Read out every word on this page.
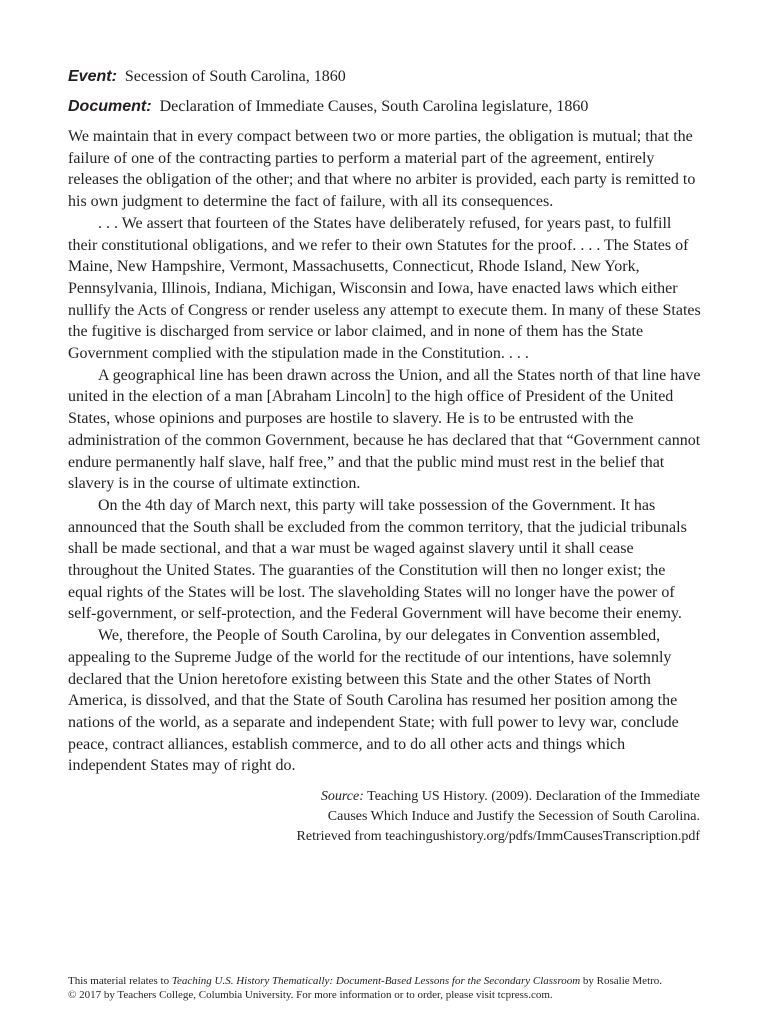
Event: Secession of South Carolina, 1860

Document: Declaration of Immediate Causes, South Carolina legislature, 1860

We maintain that in every compact between two or more parties, the obligation is mutual; that the failure of one of the contracting parties to perform a material part of the agreement, entirely releases the obligation of the other; and that where no arbiter is provided, each party is remitted to his own judgment to determine the fact of failure, with all its consequences.

. . . We assert that fourteen of the States have deliberately refused, for years past, to fulfill their constitutional obligations, and we refer to their own Statutes for the proof. . . . The States of Maine, New Hampshire, Vermont, Massachusetts, Connecticut, Rhode Island, New York, Pennsylvania, Illinois, Indiana, Michigan, Wisconsin and Iowa, have enacted laws which either nullify the Acts of Congress or render useless any attempt to execute them. In many of these States the fugitive is discharged from service or labor claimed, and in none of them has the State Government complied with the stipulation made in the Constitution. . . .

A geographical line has been drawn across the Union, and all the States north of that line have united in the election of a man [Abraham Lincoln] to the high office of President of the United States, whose opinions and purposes are hostile to slavery. He is to be entrusted with the administration of the common Government, because he has declared that that “Government cannot endure permanently half slave, half free,” and that the public mind must rest in the belief that slavery is in the course of ultimate extinction.

On the 4th day of March next, this party will take possession of the Government. It has announced that the South shall be excluded from the common territory, that the judicial tribunals shall be made sectional, and that a war must be waged against slavery until it shall cease throughout the United States. The guaranties of the Constitution will then no longer exist; the equal rights of the States will be lost. The slaveholding States will no longer have the power of self-government, or self-protection, and the Federal Government will have become their enemy.

We, therefore, the People of South Carolina, by our delegates in Convention assembled, appealing to the Supreme Judge of the world for the rectitude of our intentions, have solemnly declared that the Union heretofore existing between this State and the other States of North America, is dissolved, and that the State of South Carolina has resumed her position among the nations of the world, as a separate and independent State; with full power to levy war, conclude peace, contract alliances, establish commerce, and to do all other acts and things which independent States may of right do.

Source: Teaching US History. (2009). Declaration of the Immediate
Causes Which Induce and Justify the Secession of South Carolina.
Retrieved from teachingushistory.org/pdfs/ImmCausesTranscription.pdf
This material relates to Teaching U.S. History Thematically: Document-Based Lessons for the Secondary Classroom by Rosalie Metro.
© 2017 by Teachers College, Columbia University. For more information or to order, please visit tcpress.com.
